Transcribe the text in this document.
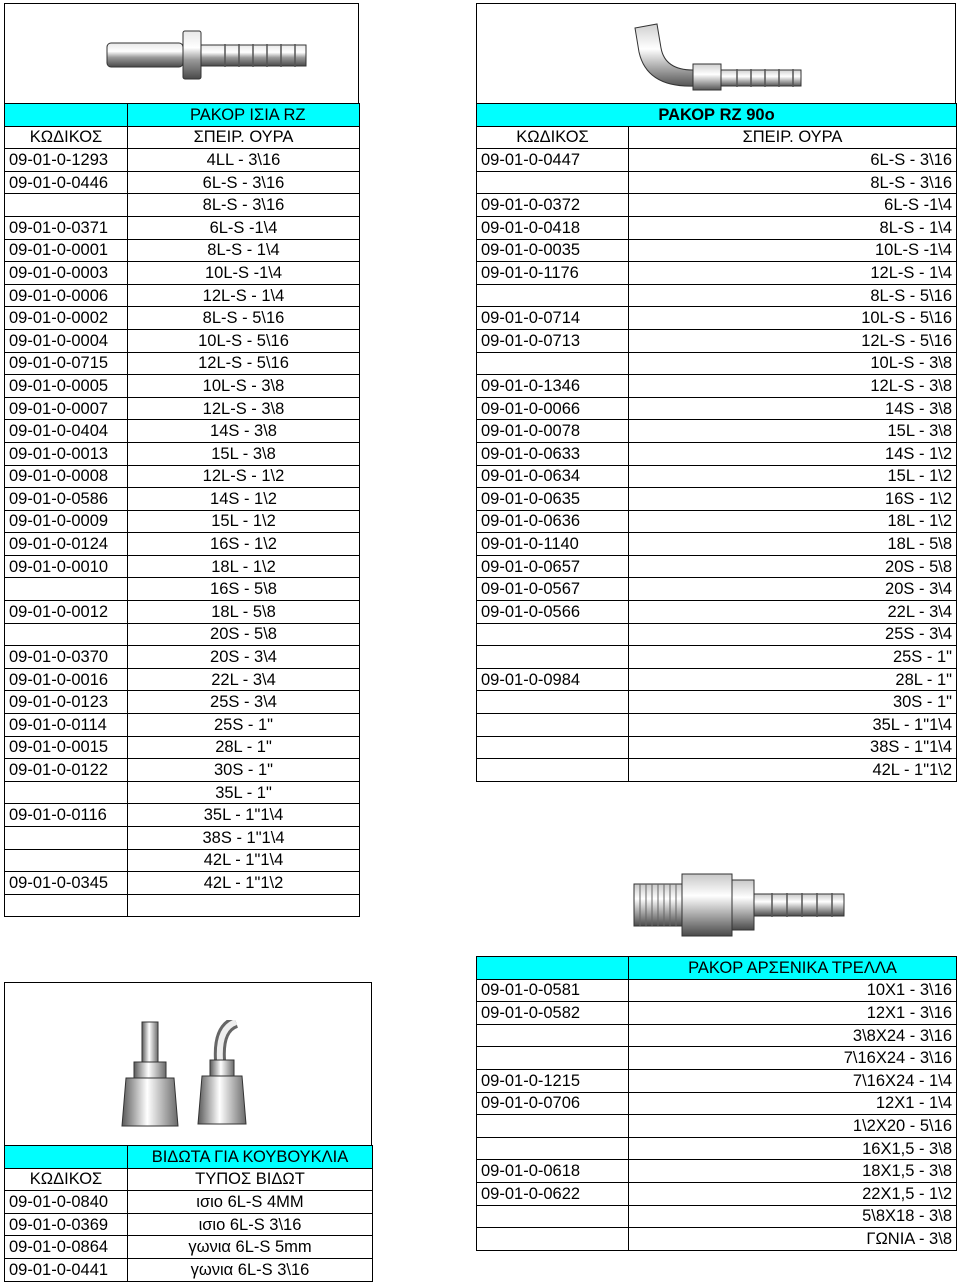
	ΡΑΚΟΡ ΙΣΙΑ RZ
ΚΩΔΙΚΟΣ	ΣΠΕΙΡ. ΟΥΡΑ
09-01-0-1293	4LL - 3\16
09-01-0-0446	6L-S - 3\16
	8L-S - 3\16
09-01-0-0371	6L-S -1\4
09-01-0-0001	8L-S - 1\4
09-01-0-0003	10L-S -1\4
09-01-0-0006	12L-S - 1\4
09-01-0-0002	8L-S - 5\16
09-01-0-0004	10L-S - 5\16
09-01-0-0715	12L-S - 5\16
09-01-0-0005	10L-S - 3\8
09-01-0-0007	12L-S - 3\8
09-01-0-0404	14S - 3\8
09-01-0-0013	15L - 3\8
09-01-0-0008	12L-S - 1\2
09-01-0-0586	14S - 1\2
09-01-0-0009	15L - 1\2
09-01-0-0124	16S - 1\2
09-01-0-0010	18L - 1\2
	16S - 5\8
09-01-0-0012	18L - 5\8
	20S - 5\8
09-01-0-0370	20S - 3\4
09-01-0-0016	22L - 3\4
09-01-0-0123	25S - 3\4
09-01-0-0114	25S - 1"
09-01-0-0015	28L - 1"
09-01-0-0122	30S - 1"
	35L - 1"
09-01-0-0116	35L - 1"1\4
	38S - 1"1\4
	42L - 1"1\4
09-01-0-0345	42L - 1"1\2

ΡΑΚΟΡ RZ 90ο	
ΚΩΔΙΚΟΣ	ΣΠΕΙΡ. ΟΥΡΑ
09-01-0-0447	6L-S - 3\16
	8L-S - 3\16
09-01-0-0372	6L-S -1\4
09-01-0-0418	8L-S - 1\4
09-01-0-0035	10L-S -1\4
09-01-0-1176	12L-S - 1\4
	8L-S - 5\16
09-01-0-0714	10L-S - 5\16
09-01-0-0713	12L-S - 5\16
	10L-S - 3\8
09-01-0-1346	12L-S - 3\8
09-01-0-0066	14S - 3\8
09-01-0-0078	15L - 3\8
09-01-0-0633	14S - 1\2
09-01-0-0634	15L - 1\2
09-01-0-0635	16S - 1\2
09-01-0-0636	18L - 1\2
09-01-0-1140	18L - 5\8
09-01-0-0657	20S - 5\8
09-01-0-0567	20S - 3\4
09-01-0-0566	22L - 3\4
	25S - 3\4
	25S - 1"
09-01-0-0984	28L - 1"
	30S - 1"
	35L - 1"1\4
	38S - 1"1\4
	42L - 1"1\2
	ΡΑΚΟΡ ΑΡΣΕΝΙΚΑ ΤΡΕΛΛΑ
09-01-0-0581	10X1 - 3\16
09-01-0-0582	12X1 - 3\16
	3\8X24 - 3\16
	7\16X24 - 3\16
09-01-0-1215	7\16X24 - 1\4
09-01-0-0706	12X1 - 1\4
	1\2X20 - 5\16
	16X1,5 - 3\8
09-01-0-0618	18X1,5 - 3\8
09-01-0-0622	22X1,5 - 1\2
	5\8X18 - 3\8
	ΓΩΝΙΑ - 3\8
	ΒΙΔΩΤΑ ΓΙΑ ΚΟΥΒΟΥΚΛΙΑ
ΚΩΔΙΚΟΣ	ΤΥΠΟΣ ΒΙΔΩΤ
09-01-0-0840	ισιο 6L-S 4MM
09-01-0-0369	ισιο 6L-S 3\16
09-01-0-0864	γωνια 6L-S 5mm
09-01-0-0441	γωνια 6L-S 3\16
